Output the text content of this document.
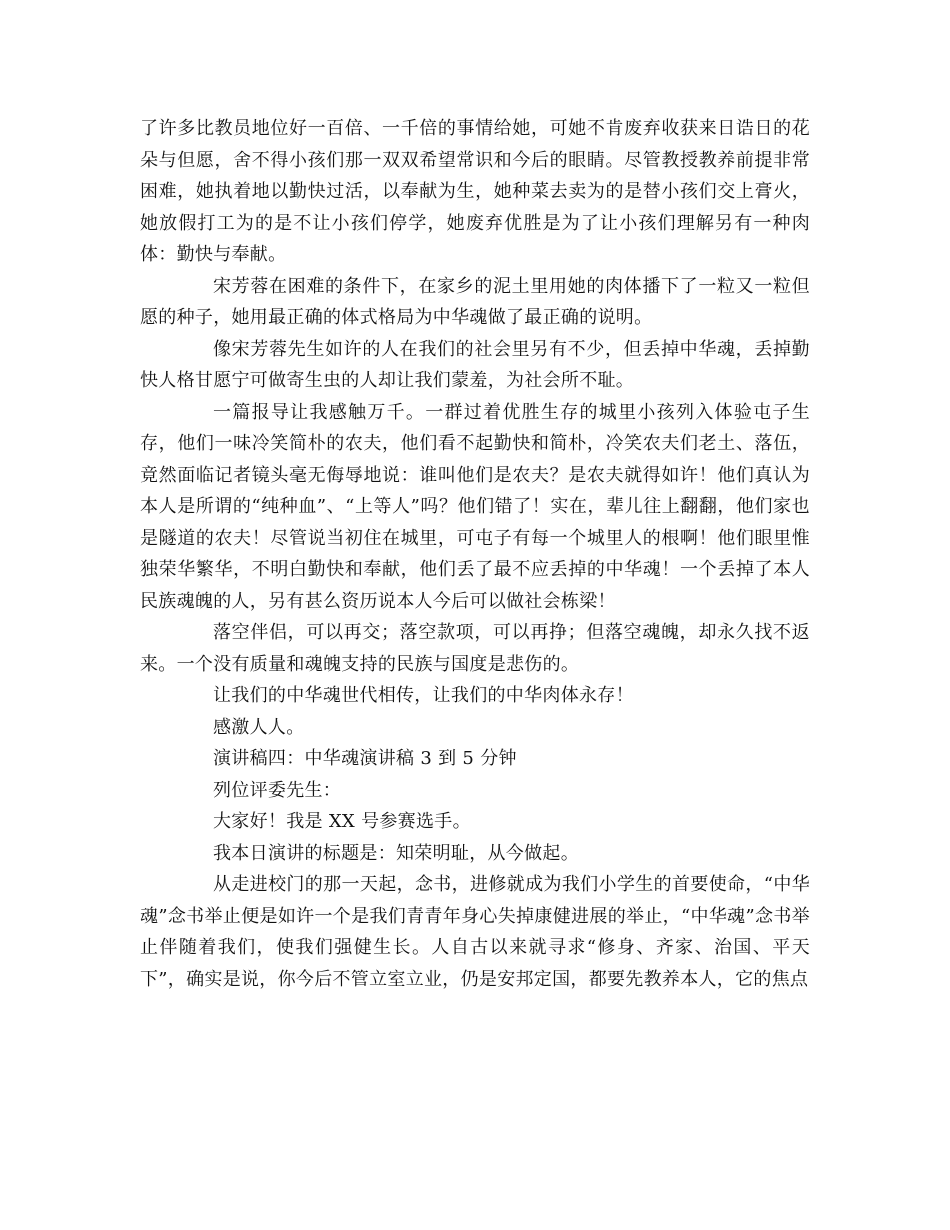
了许多比教员地位好一百倍、一千倍的事情给她，可她不肯废弃收获来日诰日的花朵与但愿，舍不得小孩们那一双双希望常识和今后的眼睛。尽管教授教养前提非常困难，她执着地以勤快过活，以奉献为生，她种菜去卖为的是替小孩们交上膏火，她放假打工为的是不让小孩们停学，她废弃优胜是为了让小孩们理解另有一种肉体：勤快与奉献。

宋芳蓉在困难的条件下，在家乡的泥土里用她的肉体播下了一粒又一粒但愿的种子，她用最正确的体式格局为中华魂做了最正确的说明。

像宋芳蓉先生如许的人在我们的社会里另有不少，但丢掉中华魂，丢掉勤快人格甘愿宁可做寄生虫的人却让我们蒙羞，为社会所不耻。

一篇报导让我感触万千。一群过着优胜生存的城里小孩列入体验屯子生存，他们一味冷笑简朴的农夫，他们看不起勤快和简朴，冷笑农夫们老土、落伍，竟然面临记者镜头毫无侮辱地说：谁叫他们是农夫？是农夫就得如许！他们真认为本人是所谓的“纯种血”、“上等人”吗？他们错了！实在，辈儿往上翻翻，他们家也是隧道的农夫！尽管说当初住在城里，可屯子有每一个城里人的根啊！他们眼里惟独荣华繁华，不明白勤快和奉献，他们丢了最不应丢掉的中华魂！一个丢掉了本人民族魂魄的人，另有甚么资历说本人今后可以做社会栋梁！

落空伴侣，可以再交；落空款项，可以再挣；但落空魂魄，却永久找不返来。一个没有质量和魂魄支持的民族与国度是悲伤的。

让我们的中华魂世代相传，让我们的中华肉体永存！

感激人人。

演讲稿四：中华魂演讲稿 3 到 5 分钟

列位评委先生：

大家好！我是 XX 号参赛选手。

我本日演讲的标题是：知荣明耻，从今做起。

从走进校门的那一天起，念书，进修就成为我们小学生的首要使命，“中华魂”念书举止便是如许一个是我们青青年身心失掉康健进展的举止，“中华魂”念书举止伴随着我们，使我们强健生长。人自古以来就寻求“修身、齐家、治国、平天下”，确实是说，你今后不管立室立业，仍是安邦定国，都要先教养本人，它的焦点
